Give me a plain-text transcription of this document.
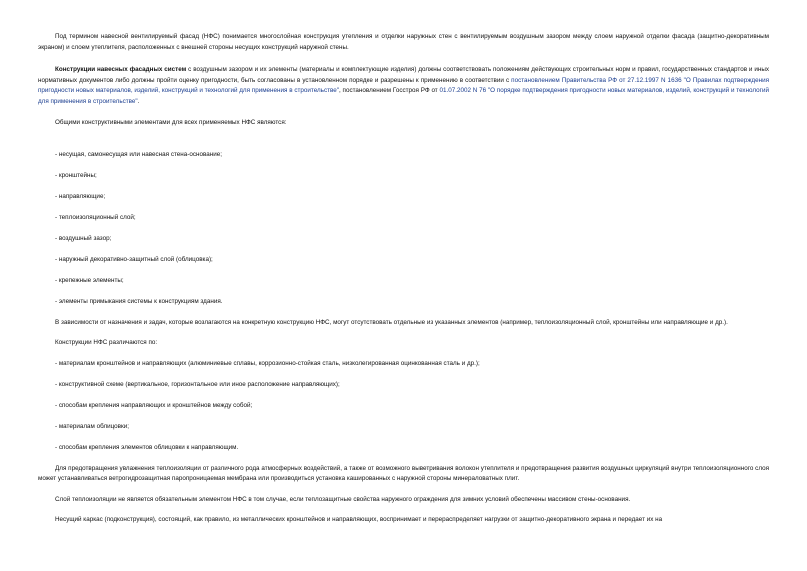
Под термином навесной вентилируемый фасад (НФС) понимается многослойная конструкция утепления и отделки наружных стен с вентилируемым воздушным зазором между слоем наружной отделки фасада (защитно-декоративным экраном) и слоем утеплителя, расположенных с внешней стороны несущих конструкций наружной стены.

Конструкции навесных фасадных систем с воздушным зазором и их элементы (материалы и комплектующие изделия) должны соответствовать положениям действующих строительных норм и правил, государственных стандартов и иных нормативных документов либо должны пройти оценку пригодности, быть согласованы в установленном порядке и разрешены к применению в соответствии с постановлением Правительства РФ от 27.12.1997 N 1636 "О Правилах подтверждения пригодности новых материалов, изделий, конструкций и технологий для применения в строительстве", постановлением Госстроя РФ от 01.07.2002 N 76 "О порядке подтверждения пригодности новых материалов, изделий, конструкций и технологий для применения в строительстве".

Общими конструктивными элементами для всех применяемых НФС являются:

- несущая, самонесущая или навесная стена-основание;

- кронштейны;

- направляющие;

- теплоизоляционный слой;

- воздушный зазор;

- наружный декоративно-защитный слой (облицовка);

- крепежные элементы;

- элементы примыкания системы к конструкциям здания.

В зависимости от назначения и задач, которые возлагаются на конкретную конструкцию НФС, могут отсутствовать отдельные из указанных элементов (например, теплоизоляционный слой, кронштейны или направляющие и др.).

Конструкции НФС различаются по:

- материалам кронштейнов и направляющих (алюминиевые сплавы, коррозионно-стойкая сталь, низколегированная оцинкованная сталь и др.);

- конструктивной схеме (вертикальное, горизонтальное или иное расположение направляющих);

- способам крепления направляющих и кронштейнов между собой;

- материалам облицовки;

- способам крепления элементов облицовки к направляющим.

Для предотвращения увлажнения теплоизоляции от различного рода атмосферных воздействий, а также от возможного выветривания волокон утеплителя и предотвращения развития воздушных циркуляций внутри теплоизоляционного слоя может устанавливаться ветрогидрозащитная паропроницаемая мембрана или производиться установка кашированных с наружной стороны минераловатных плит.

Слой теплоизоляции не является обязательным элементом НФС в том случае, если теплозащитные свойства наружного ограждения для зимних условий обеспечены массивом стены-основания.

Несущий каркас (подконструкция), состоящий, как правило, из металлических кронштейнов и направляющих, воспринимает и перераспределяет нагрузки от защитно-декоративного экрана и передает их на
